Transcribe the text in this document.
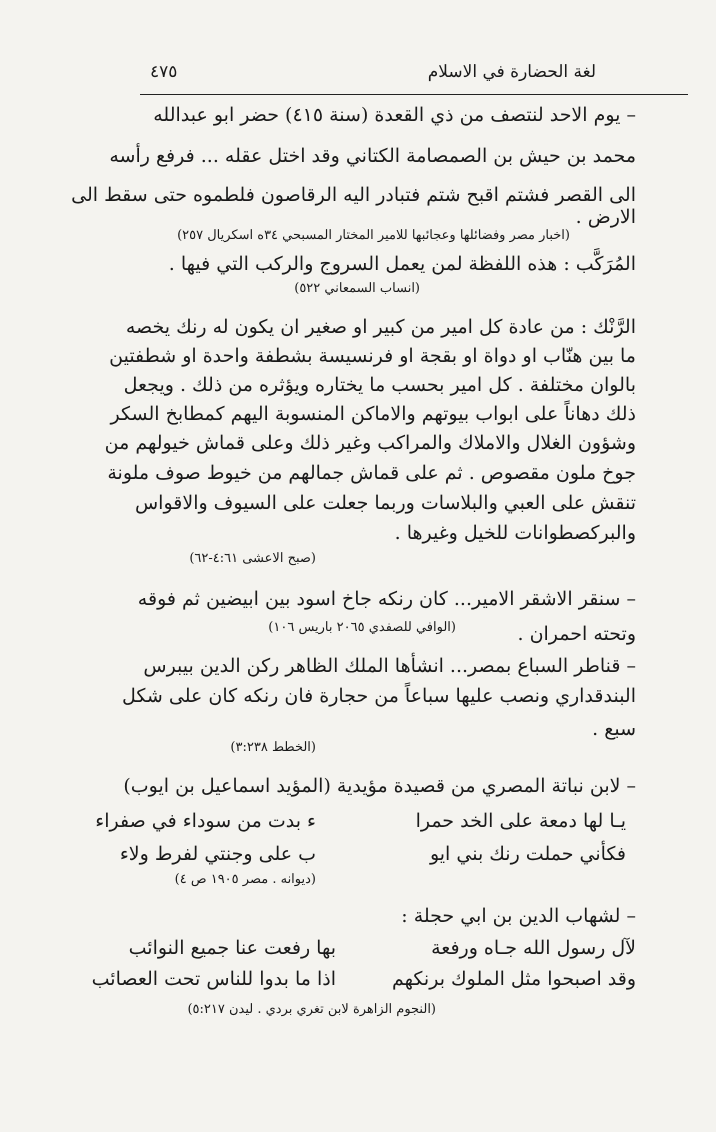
لغة الحضارة في الاسلام
٤٧٥
– يوم الاحد لنتصف من ذي القعدة (سنة ٤١٥) حضر ابو عبدالله
محمد بن حيش بن الصمصامة الكتاني وقد اختل عقله ... فرفع رأسه
الى القصر فشتم اقبح شتم فتبادر اليه الرقاصون فلطموه حتى سقط الى
الارض .
(اخبار مصر وفضائلها وعجائبها للامير المختار المسبحي ٣٤ه اسكريال ٢٥٧)
المُرَكَّب : هذه اللفظة لمن يعمل السروج والركب التي فيها .
(انساب السمعاني ٥٢٢)
الرَّنْك : من عادة كل امير من كبير او صغير ان يكون له رنك يخصه
ما بين هنّاب او دواة او بقجة او فرنسيسة بشطفة واحدة او شطفتين
بالوان مختلفة . كل امير بحسب ما يختاره ويؤثره من ذلك . ويجعل
ذلك دهاناً على ابواب بيوتهم والاماكن المنسوبة اليهم كمطابخ السكر
وشؤون الغلال والاملاك والمراكب وغير ذلك وعلى قماش خيولهم من
جوخ ملون مقصوص . ثم على قماش جمالهم من خيوط صوف ملونة
تنقش على العبي والبلاسات وربما جعلت على السيوف والاقواس
والبركصطوانات للخيل وغيرها .
(صبح الاعشى ٤:٦١-٦٢)
– سنقر الاشقر الامير... كان رنكه جاخ اسود بين ابيضين ثم فوقه
(الوافي للصفدي ٢٠٦٥ باريس ١٠٦)	وتحته احمران .
– قناطر السباع بمصر... انشأها الملك الظاهر ركن الدين بيبرس
البندقداري ونصب عليها سباعاً من حجارة فان رنكه كان على شكل
سبع .
(الخطط ٣:٢٣٨)
– لابن نباتة المصري من قصيدة مؤيدية (المؤيد اسماعيل بن ايوب)
يـا لها دمعة على الخد حمرا
ء بدت من سوداء في صفراء
فكأني حملت رنك بني ايو
ب على وجنتي لفرط ولاء
(ديوانه . مصر ١٩٠٥ ص ٤)
– لشهاب الدين بن ابي حجلة :
لآل رسول الله جـاه ورفعة
بها رفعت عنا جميع النوائب
وقد اصبحوا مثل الملوك برنكهم
اذا ما بدوا للناس تحت العصائب
(النجوم الزاهرة لابن تغري بردي . ليدن ٥:٢١٧)
